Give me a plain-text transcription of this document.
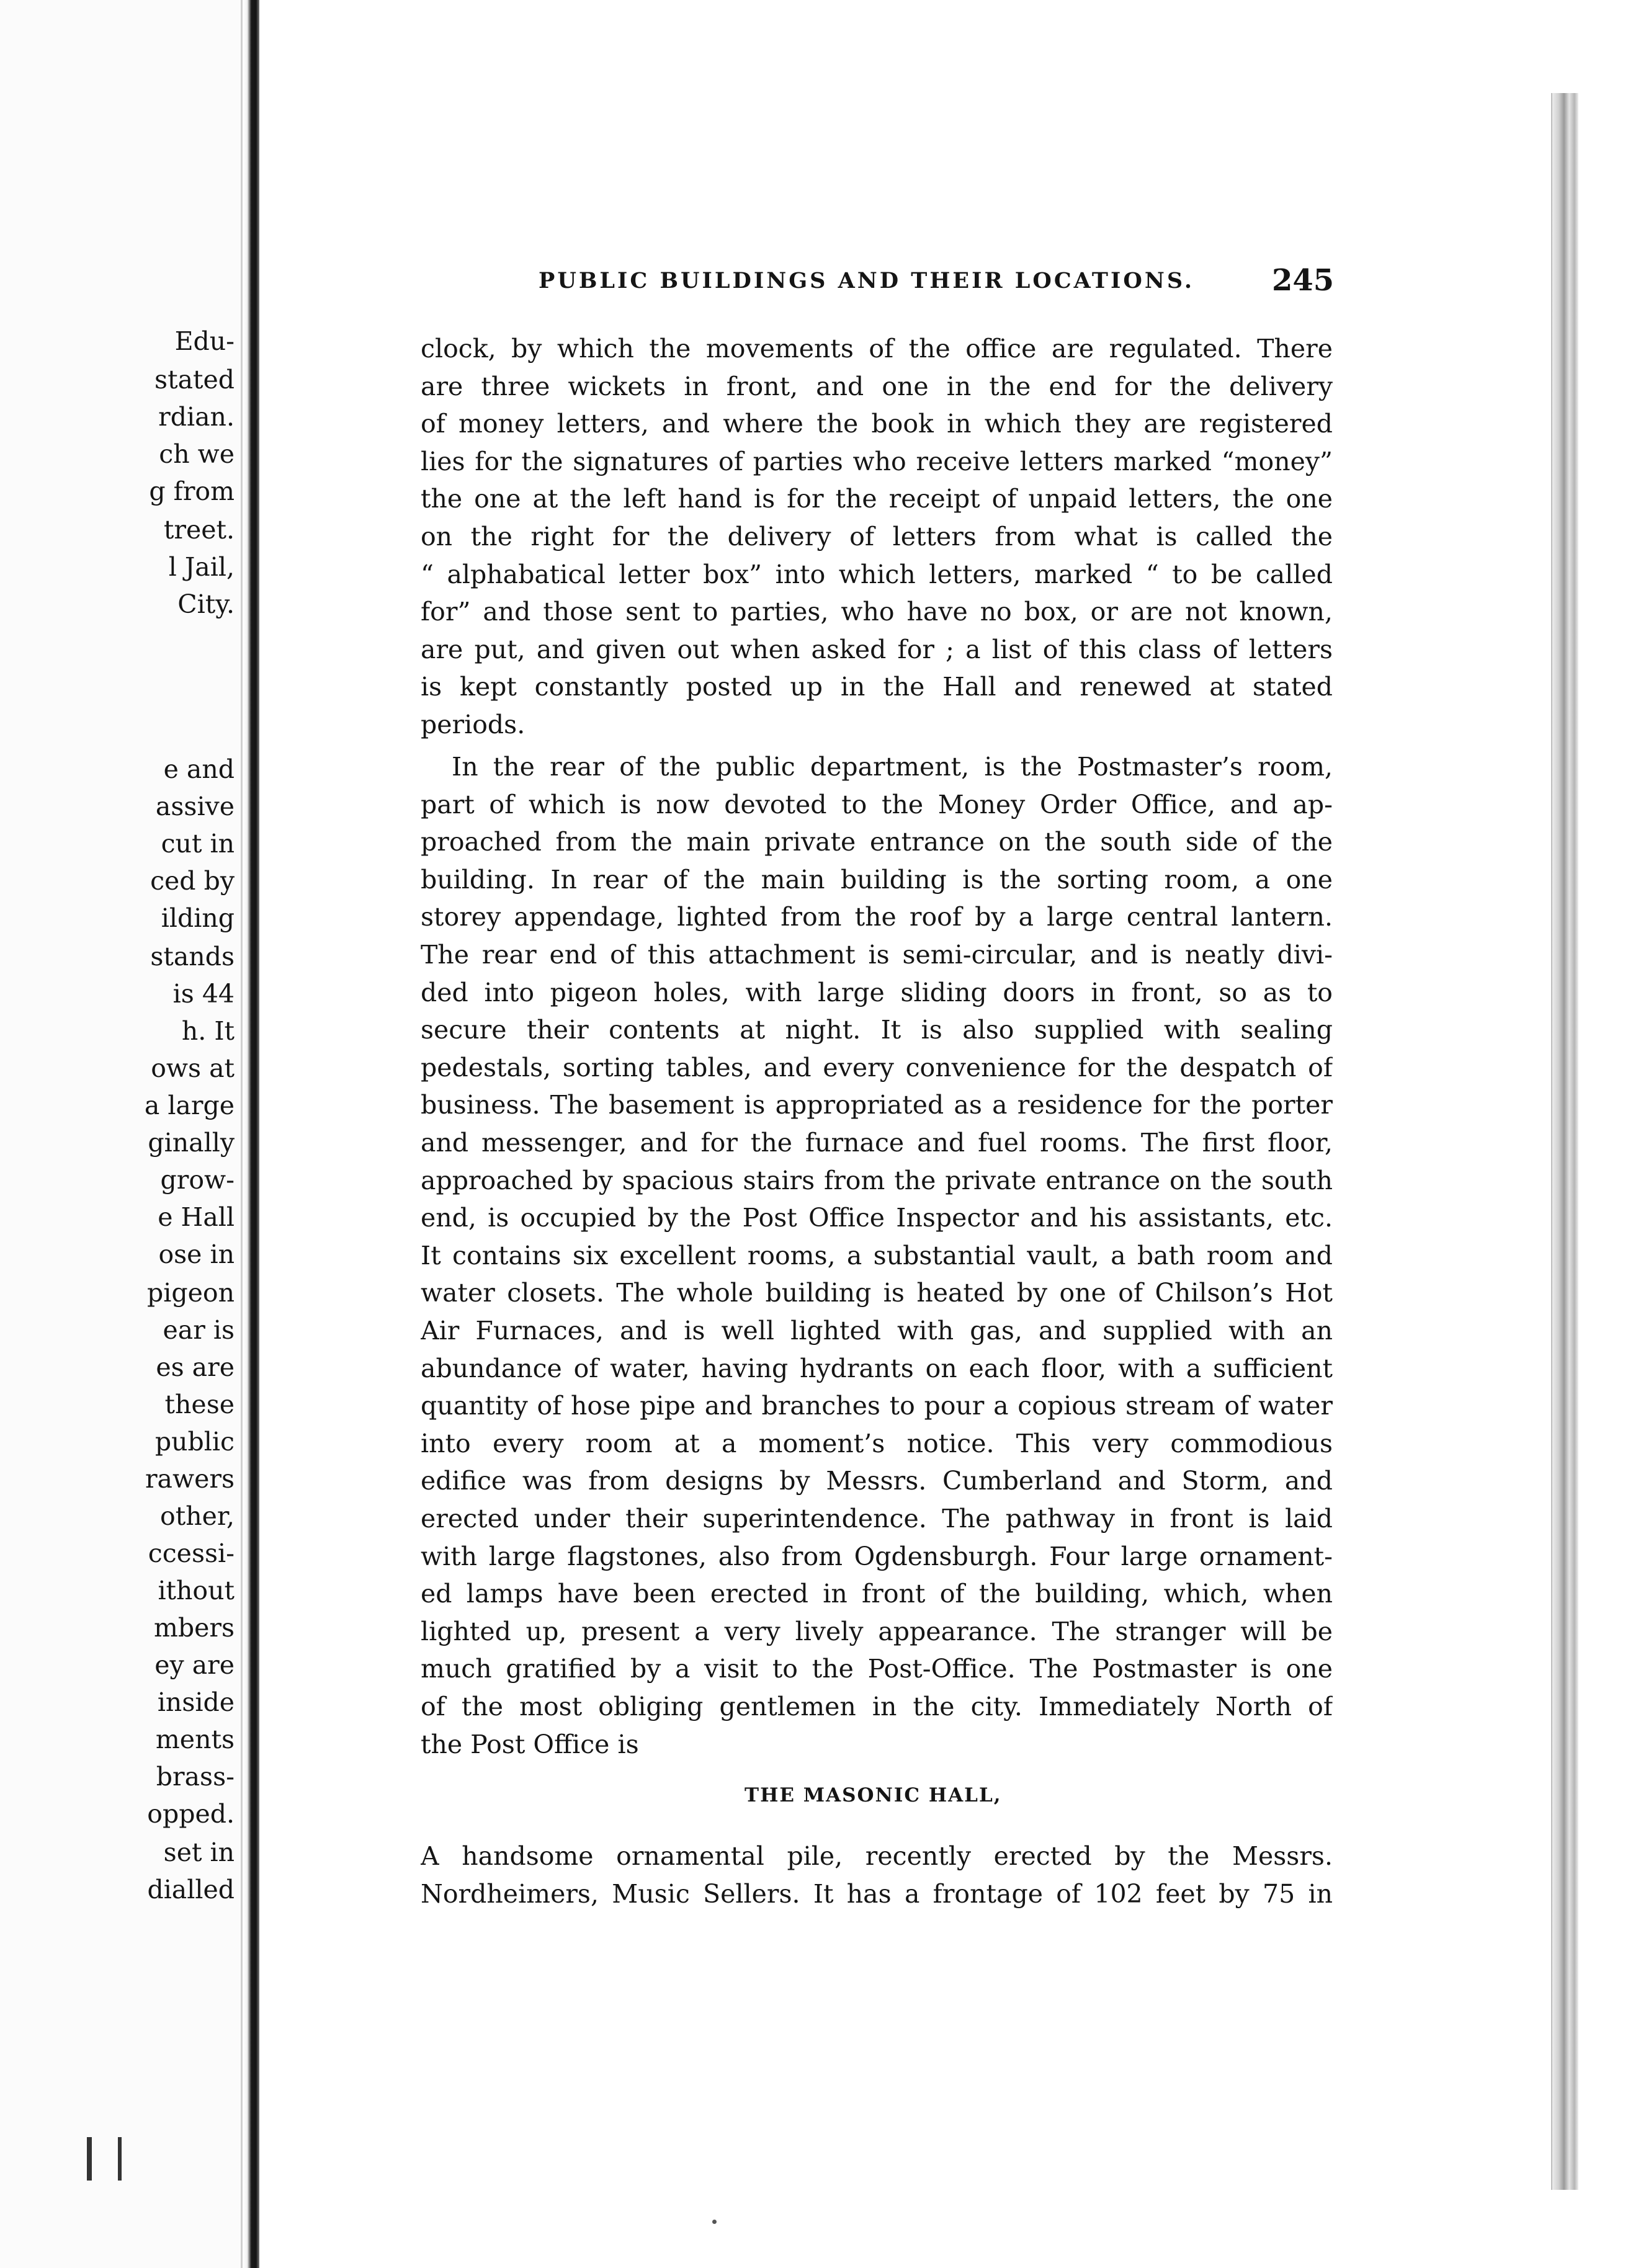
Edu-
stated
rdian.
ch we
g from
treet.
l Jail,
City.
e and
assive
cut in
ced by
ilding
stands
is 44
h. It
ows at
a large
ginally
grow-
e Hall
ose in
pigeon
ear is
es are
these
public
rawers
other,
ccessi-
ithout
mbers
ey are
inside
ments
brass-
opped.
set in
dialled
PUBLIC BUILDINGS AND THEIR LOCATIONS.	245
clock, by which the movements of the office are regulated. There
are three wickets in front, and one in the end for the delivery
of money letters, and where the book in which they are registered
lies for the signatures of parties who receive letters marked “money”
the one at the left hand is for the receipt of unpaid letters, the one
on the right for the delivery of letters from what is called the
“ alphabatical letter box” into which letters, marked “ to be called
for” and those sent to parties, who have no box, or are not known,
are put, and given out when asked for ; a list of this class of letters
is kept constantly posted up in the Hall and renewed at stated
periods.
In the rear of the public department, is the Postmaster’s room,
part of which is now devoted to the Money Order Office, and ap-
proached from the main private entrance on the south side of the
building. In rear of the main building is the sorting room, a one
storey appendage, lighted from the roof by a large central lantern.
The rear end of this attachment is semi-circular, and is neatly divi-
ded into pigeon holes, with large sliding doors in front, so as to
secure their contents at night. It is also supplied with sealing
pedestals, sorting tables, and every convenience for the despatch of
business. The basement is appropriated as a residence for the porter
and messenger, and for the furnace and fuel rooms. The first floor,
approached by spacious stairs from the private entrance on the south
end, is occupied by the Post Office Inspector and his assistants, etc.
It contains six excellent rooms, a substantial vault, a bath room and
water closets. The whole building is heated by one of Chilson’s Hot
Air Furnaces, and is well lighted with gas, and supplied with an
abundance of water, having hydrants on each floor, with a sufficient
quantity of hose pipe and branches to pour a copious stream of water
into every room at a moment’s notice. This very commodious
edifice was from designs by Messrs. Cumberland and Storm, and
erected under their superintendence. The pathway in front is laid
with large flagstones, also from Ogdensburgh. Four large ornament-
ed lamps have been erected in front of the building, which, when
lighted up, present a very lively appearance. The stranger will be
much gratified by a visit to the Post-Office. The Postmaster is one
of the most obliging gentlemen in the city. Immediately North of
the Post Office is
A handsome ornamental pile, recently erected by the Messrs.
Nordheimers, Music Sellers. It has a frontage of 102 feet by 75 in
THE MASONIC HALL,
